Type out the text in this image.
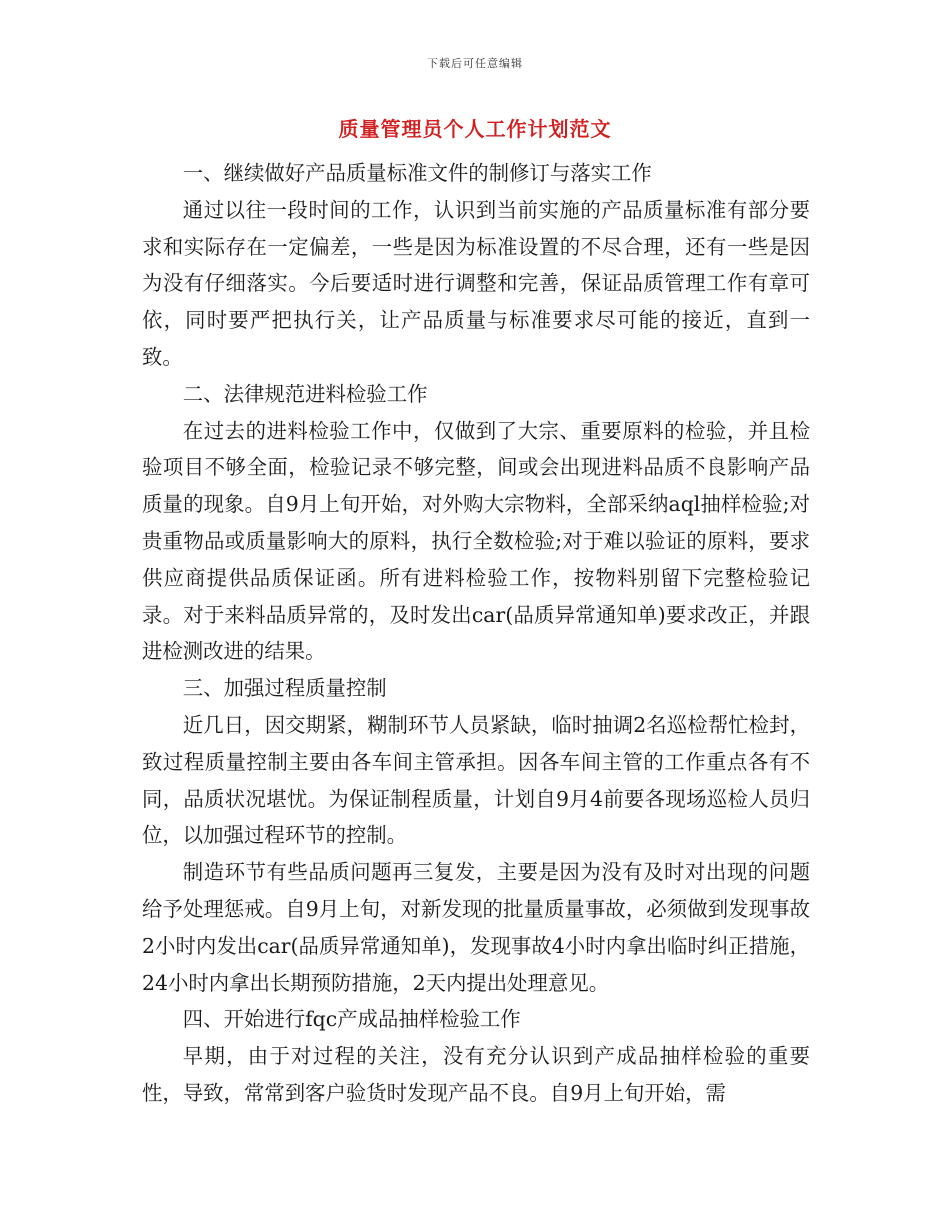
下载后可任意编辑
质量管理员个人工作计划范文

一、继续做好产品质量标准文件的制修订与落实工作

通过以往一段时间的工作，认识到当前实施的产品质量标准有部分要求和实际存在一定偏差，一些是因为标准设置的不尽合理，还有一些是因为没有仔细落实。今后要适时进行调整和完善，保证品质管理工作有章可依，同时要严把执行关，让产品质量与标准要求尽可能的接近，直到一致。

二、法律规范进料检验工作

在过去的进料检验工作中，仅做到了大宗、重要原料的检验，并且检验项目不够全面，检验记录不够完整，间或会出现进料品质不良影响产品质量的现象。自9月上旬开始，对外购大宗物料，全部采纳aql抽样检验;对贵重物品或质量影响大的原料，执行全数检验;对于难以验证的原料，要求供应商提供品质保证函。所有进料检验工作，按物料别留下完整检验记录。对于来料品质异常的，及时发出car(品质异常通知单)要求改正，并跟进检测改进的结果。

三、加强过程质量控制

近几日，因交期紧，糊制环节人员紧缺，临时抽调2名巡检帮忙检封，致过程质量控制主要由各车间主管承担。因各车间主管的工作重点各有不同，品质状况堪忧。为保证制程质量，计划自9月4前要各现场巡检人员归位，以加强过程环节的控制。

制造环节有些品质问题再三复发，主要是因为没有及时对出现的问题给予处理惩戒。自9月上旬，对新发现的批量质量事故，必须做到发现事故2小时内发出car(品质异常通知单)，发现事故4小时内拿出临时纠正措施，24小时内拿出长期预防措施，2天内提出处理意见。

四、开始进行fqc产成品抽样检验工作

早期，由于对过程的关注，没有充分认识到产成品抽样检验的重要性，导致，常常到客户验货时发现产品不良。自9月上旬开始，需
